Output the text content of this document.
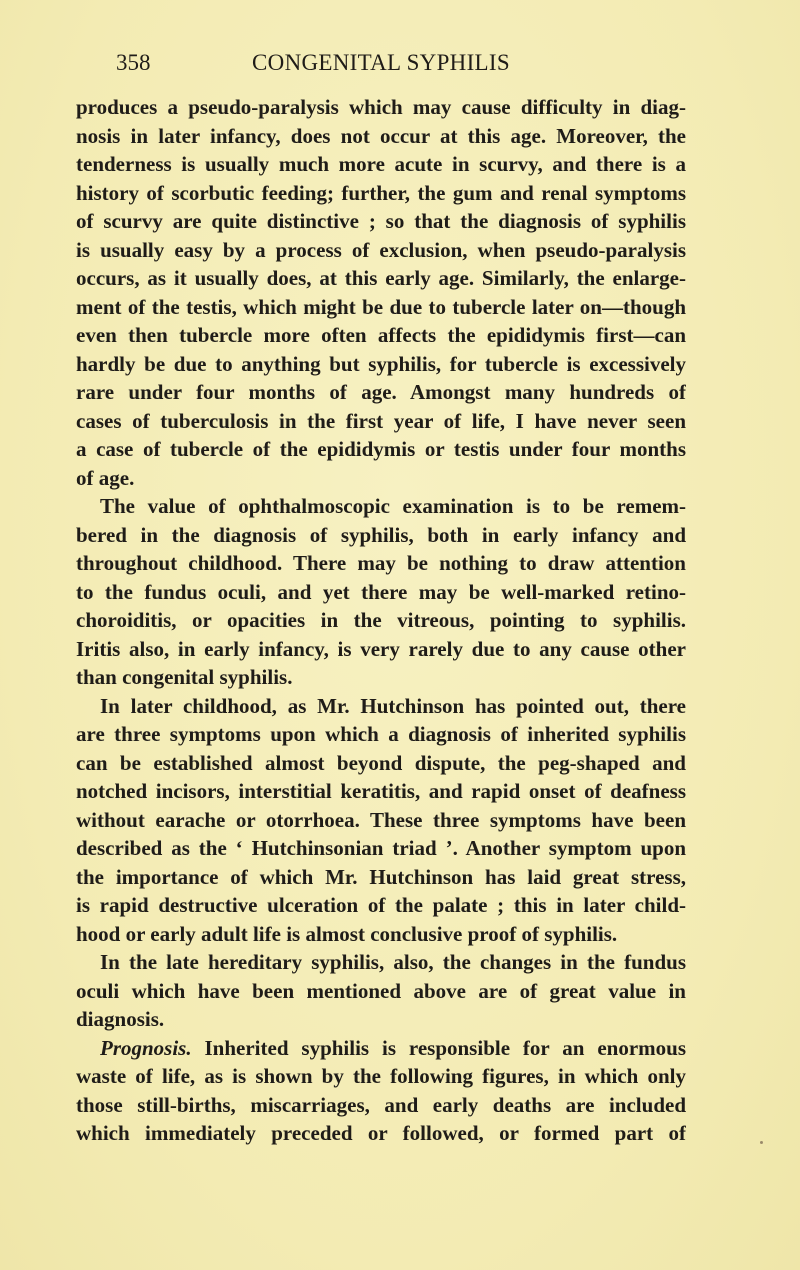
358	CONGENITAL SYPHILIS
produces a pseudo-paralysis which may cause difficulty in diag-
nosis in later infancy, does not occur at this age. Moreover, the
tenderness is usually much more acute in scurvy, and there is a
history of scorbutic feeding; further, the gum and renal symptoms
of scurvy are quite distinctive ; so that the diagnosis of syphilis
is usually easy by a process of exclusion, when pseudo-paralysis
occurs, as it usually does, at this early age. Similarly, the enlarge-
ment of the testis, which might be due to tubercle later on—though
even then tubercle more often affects the epididymis first—can
hardly be due to anything but syphilis, for tubercle is excessively
rare under four months of age. Amongst many hundreds of
cases of tuberculosis in the first year of life, I have never seen
a case of tubercle of the epididymis or testis under four months
of age.
The value of ophthalmoscopic examination is to be remem-
bered in the diagnosis of syphilis, both in early infancy and
throughout childhood. There may be nothing to draw attention
to the fundus oculi, and yet there may be well-marked retino-
choroiditis, or opacities in the vitreous, pointing to syphilis.
Iritis also, in early infancy, is very rarely due to any cause other
than congenital syphilis.
In later childhood, as Mr. Hutchinson has pointed out, there
are three symptoms upon which a diagnosis of inherited syphilis
can be established almost beyond dispute, the peg-shaped and
notched incisors, interstitial keratitis, and rapid onset of deafness
without earache or otorrhoea. These three symptoms have been
described as the ‘ Hutchinsonian triad ’. Another symptom upon
the importance of which Mr. Hutchinson has laid great stress,
is rapid destructive ulceration of the palate ; this in later child-
hood or early adult life is almost conclusive proof of syphilis.
In the late hereditary syphilis, also, the changes in the fundus
oculi which have been mentioned above are of great value in
diagnosis.
Prognosis. Inherited syphilis is responsible for an enormous
waste of life, as is shown by the following figures, in which only
those still-births, miscarriages, and early deaths are included
which immediately preceded or followed, or formed part of
